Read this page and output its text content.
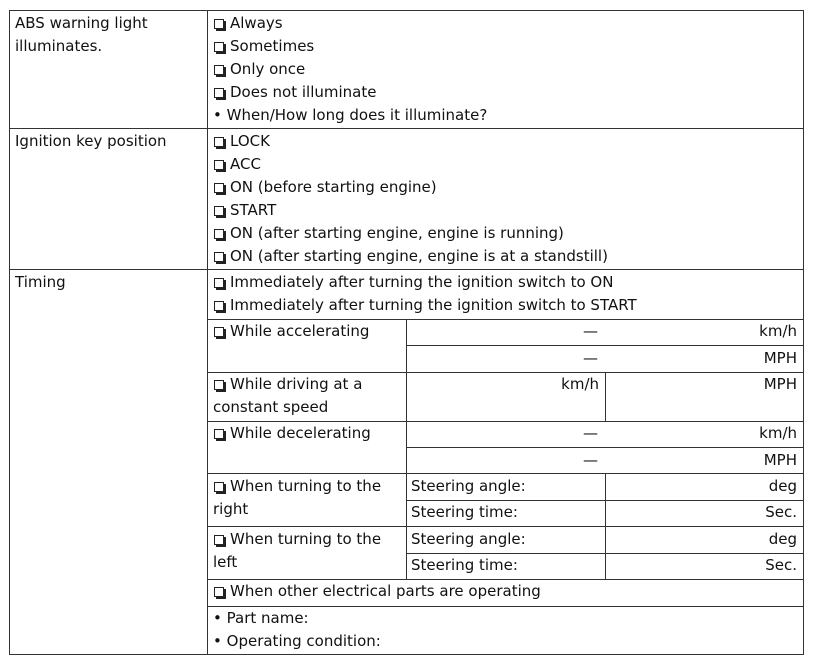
ABS warning light
illuminates.
Always
Sometimes
Only once
Does not illuminate
• When/How long does it illuminate?
Ignition key position	LOCK
ACC
ON (before starting engine)
START
ON (after starting engine, engine is running)
ON (after starting engine, engine is at a standstill)
Timing	Immediately after turning the ignition switch to ON
Immediately after turning the ignition switch to START
While accelerating	—	km/h
—	MPH
While driving at a
constant speed
km/h	MPH
While decelerating	—	km/h
—	MPH
When turning to the
right
Steering angle:	deg
Steering time:	Sec.
When turning to the
left
Steering angle:	deg
Steering time:	Sec.
When other electrical parts are operating
• Part name:
• Operating condition:
